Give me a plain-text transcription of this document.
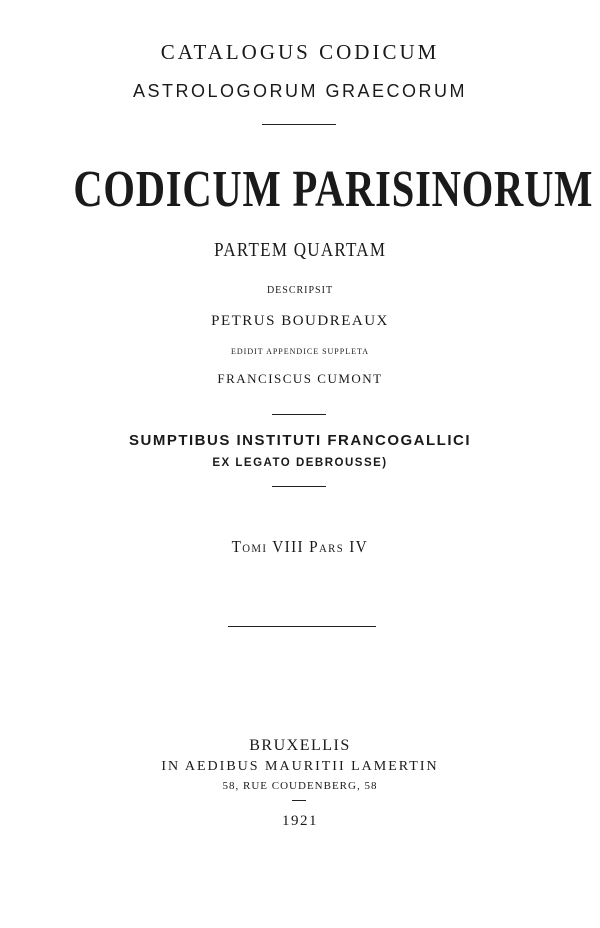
CATALOGUS CODICUM
ASTROLOGORUM GRAECORUM
CODICUM PARISINORUM
PARTEM QUARTAM
DESCRIPSIT
PETRUS BOUDREAUX
EDIDIT APPENDICE SUPPLETA
FRANCISCUS CUMONT
SUMPTIBUS INSTITUTI FRANCOGALLICI
EX LEGATO DEBROUSSE)
Tomi VIII Pars IV
BRUXELLIS
IN AEDIBUS MAURITII LAMERTIN
58, RUE COUDENBERG, 58
1921
